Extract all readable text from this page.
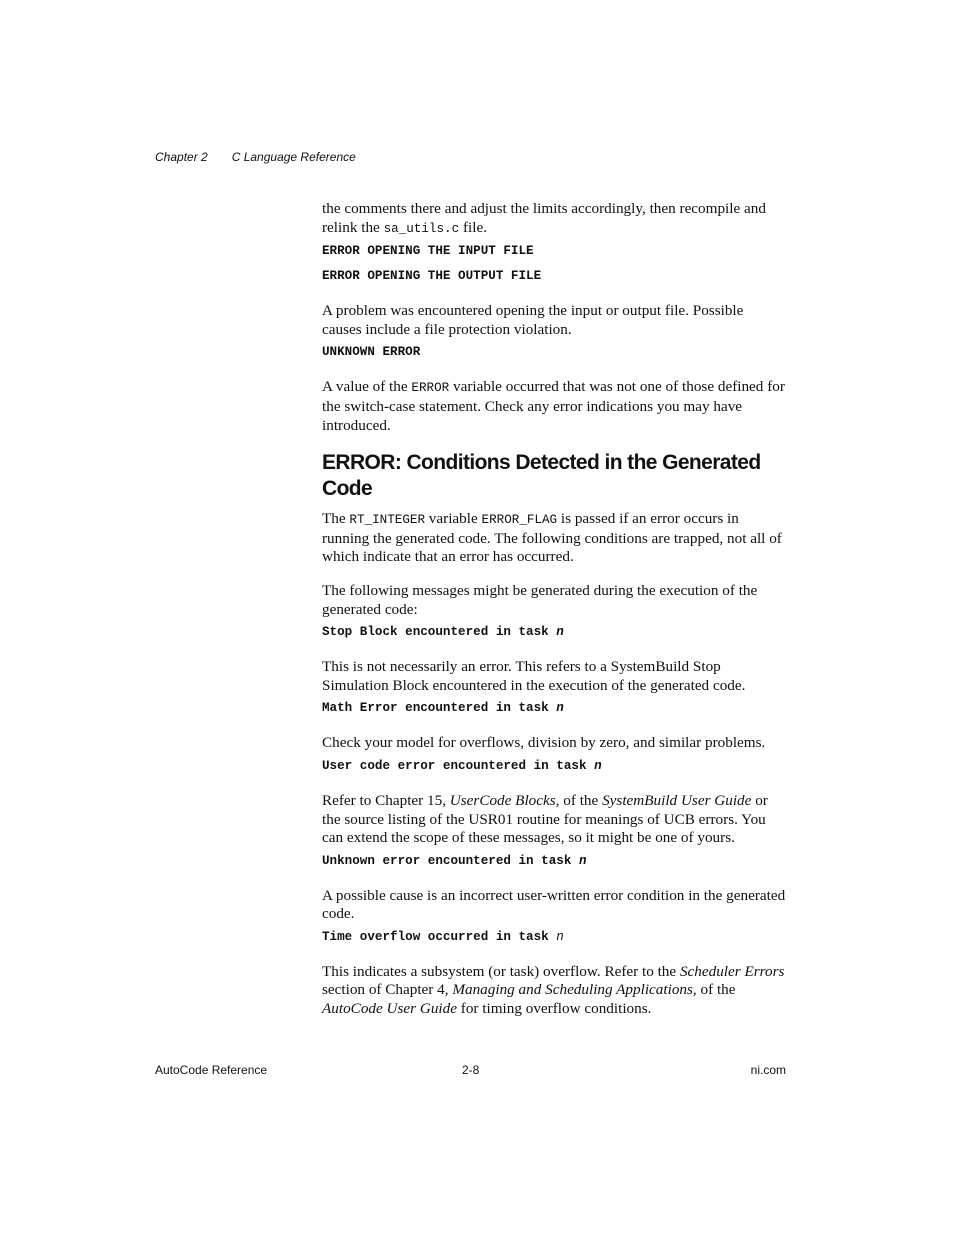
Chapter 2 C Language Reference

the comments there and adjust the limits accordingly, then recompile and relink the sa_utils.c file.

ERROR OPENING THE INPUT FILE
ERROR OPENING THE OUTPUT FILE

A problem was encountered opening the input or output file. Possible causes include a file protection violation.

UNKNOWN ERROR

A value of the ERROR variable occurred that was not one of those defined for the switch-case statement. Check any error indications you may have introduced.

ERROR: Conditions Detected in the Generated Code

The RT_INTEGER variable ERROR_FLAG is passed if an error occurs in running the generated code. The following conditions are trapped, not all of which indicate that an error has occurred.

The following messages might be generated during the execution of the generated code:

Stop Block encountered in task n

This is not necessarily an error. This refers to a SystemBuild Stop Simulation Block encountered in the execution of the generated code.

Math Error encountered in task n

Check your model for overflows, division by zero, and similar problems.

User code error encountered in task n

Refer to Chapter 15, UserCode Blocks, of the SystemBuild User Guide or the source listing of the USR01 routine for meanings of UCB errors. You can extend the scope of these messages, so it might be one of yours.

Unknown error encountered in task n

A possible cause is an incorrect user-written error condition in the generated code.

Time overflow occurred in task n

This indicates a subsystem (or task) overflow. Refer to the Scheduler Errors section of Chapter 4, Managing and Scheduling Applications, of the AutoCode User Guide for timing overflow conditions.

AutoCode Reference	2-8	ni.com
